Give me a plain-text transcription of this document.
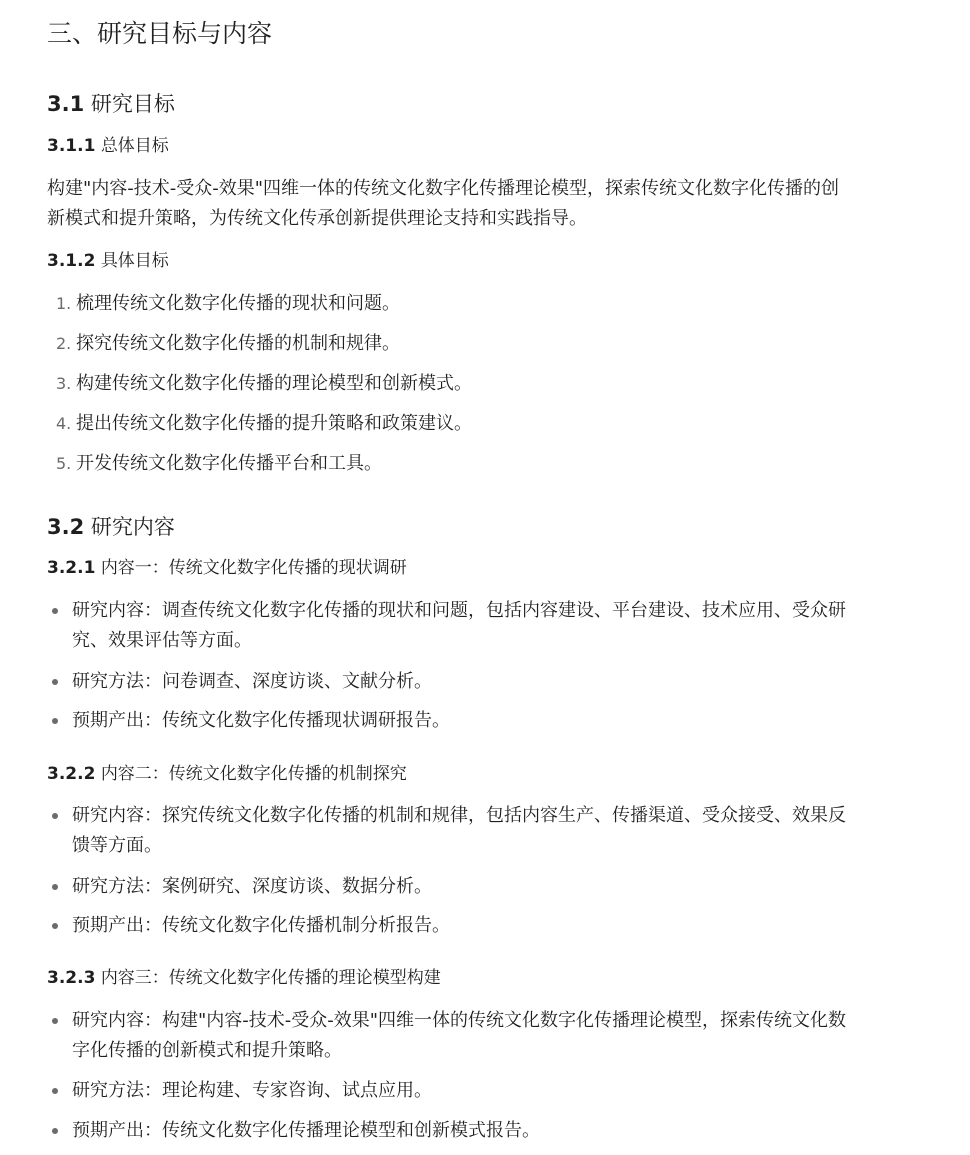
三、研究目标与内容
3.1 研究目标
3.1.1 总体目标
构建"内容-技术-受众-效果"四维一体的传统文化数字化传播理论模型，探索传统文化数字化传播的创新模式和提升策略，为传统文化传承创新提供理论支持和实践指导。
3.1.2 具体目标
1. 梳理传统文化数字化传播的现状和问题。
2. 探究传统文化数字化传播的机制和规律。
3. 构建传统文化数字化传播的理论模型和创新模式。
4. 提出传统文化数字化传播的提升策略和政策建议。
5. 开发传统文化数字化传播平台和工具。
3.2 研究内容
3.2.1 内容一：传统文化数字化传播的现状调研
研究内容：调查传统文化数字化传播的现状和问题，包括内容建设、平台建设、技术应用、受众研究、效果评估等方面。
研究方法：问卷调查、深度访谈、文献分析。
预期产出：传统文化数字化传播现状调研报告。
3.2.2 内容二：传统文化数字化传播的机制探究
研究内容：探究传统文化数字化传播的机制和规律，包括内容生产、传播渠道、受众接受、效果反馈等方面。
研究方法：案例研究、深度访谈、数据分析。
预期产出：传统文化数字化传播机制分析报告。
3.2.3 内容三：传统文化数字化传播的理论模型构建
研究内容：构建"内容-技术-受众-效果"四维一体的传统文化数字化传播理论模型，探索传统文化数字化传播的创新模式和提升策略。
研究方法：理论构建、专家咨询、试点应用。
预期产出：传统文化数字化传播理论模型和创新模式报告。
